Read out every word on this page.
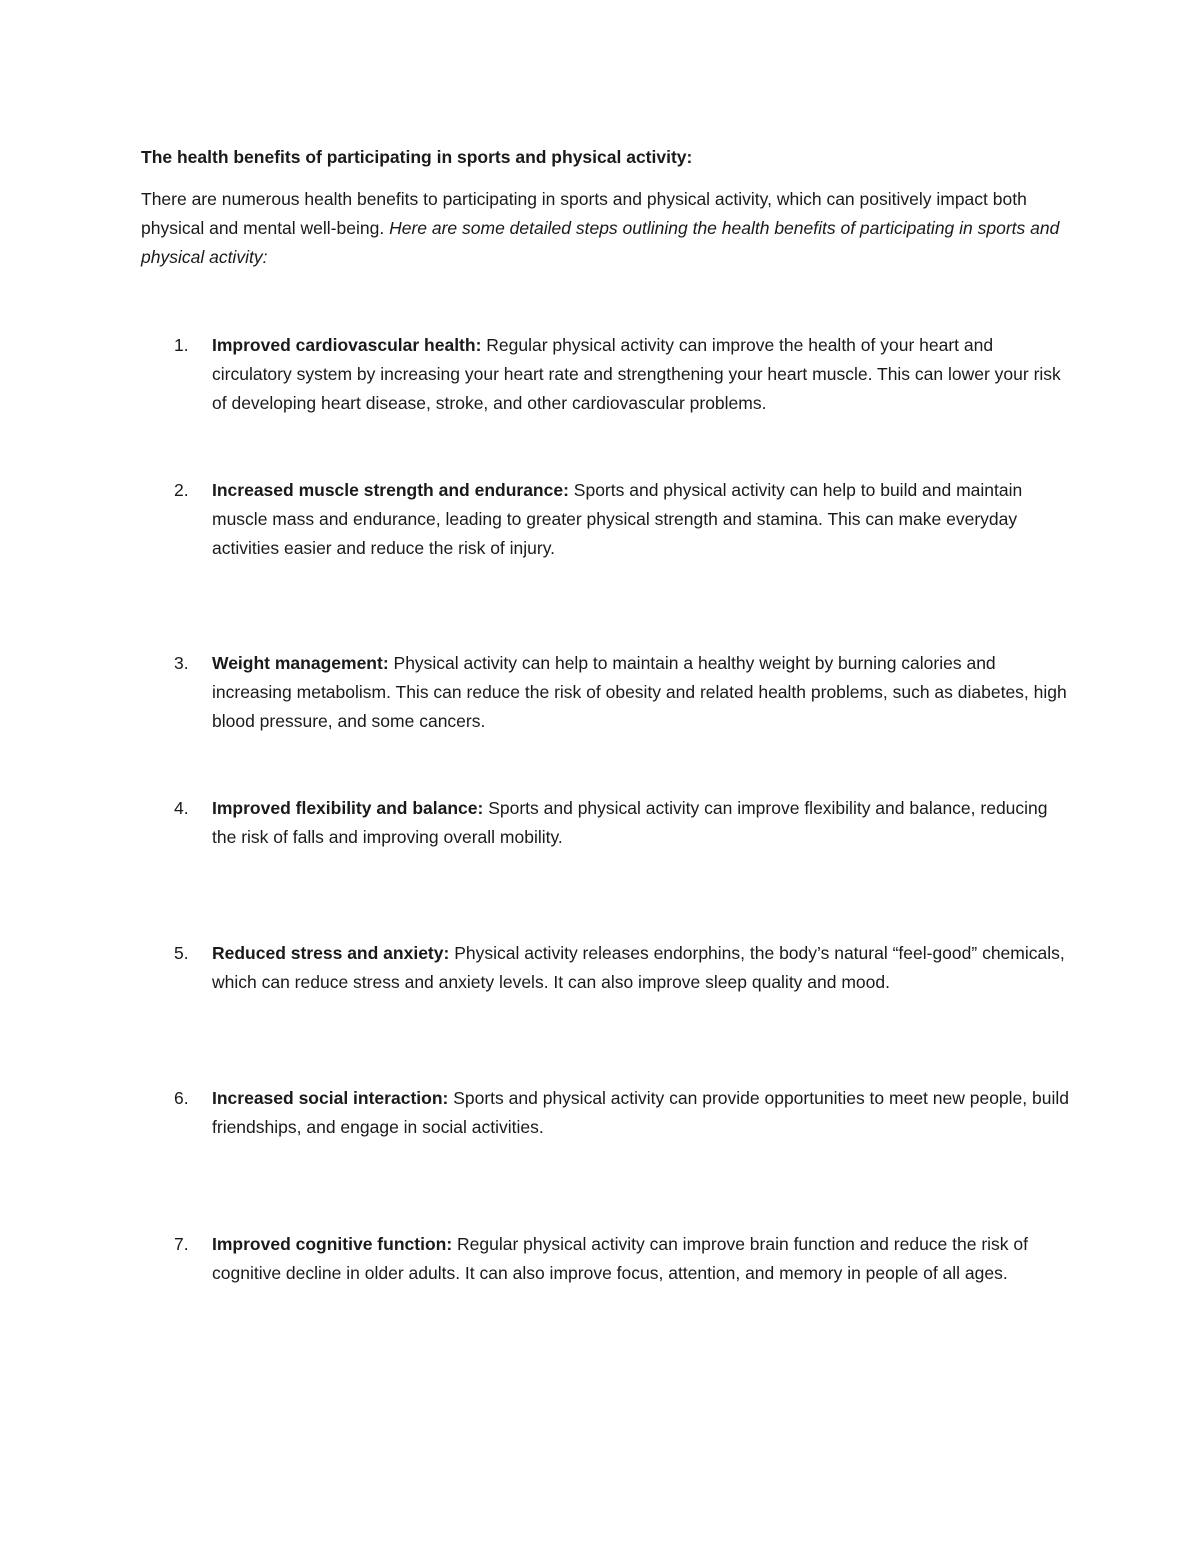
The health benefits of participating in sports and physical activity:

There are numerous health benefits to participating in sports and physical activity, which can positively impact both physical and mental well-being. Here are some detailed steps outlining the health benefits of participating in sports and physical activity:

1.	Improved cardiovascular health: Regular physical activity can improve the health of your heart and circulatory system by increasing your heart rate and strengthening your heart muscle. This can lower your risk of developing heart disease, stroke, and other cardiovascular problems.
2.	Increased muscle strength and endurance: Sports and physical activity can help to build and maintain muscle mass and endurance, leading to greater physical strength and stamina. This can make everyday activities easier and reduce the risk of injury.
3.	Weight management: Physical activity can help to maintain a healthy weight by burning calories and increasing metabolism. This can reduce the risk of obesity and related health problems, such as diabetes, high blood pressure, and some cancers.
4.	Improved flexibility and balance: Sports and physical activity can improve flexibility and balance, reducing the risk of falls and improving overall mobility.
5.	Reduced stress and anxiety: Physical activity releases endorphins, the body’s natural “feel-good” chemicals, which can reduce stress and anxiety levels. It can also improve sleep quality and mood.
6.	Increased social interaction: Sports and physical activity can provide opportunities to meet new people, build friendships, and engage in social activities.
7.	Improved cognitive function: Regular physical activity can improve brain function and reduce the risk of cognitive decline in older adults. It can also improve focus, attention, and memory in people of all ages.
